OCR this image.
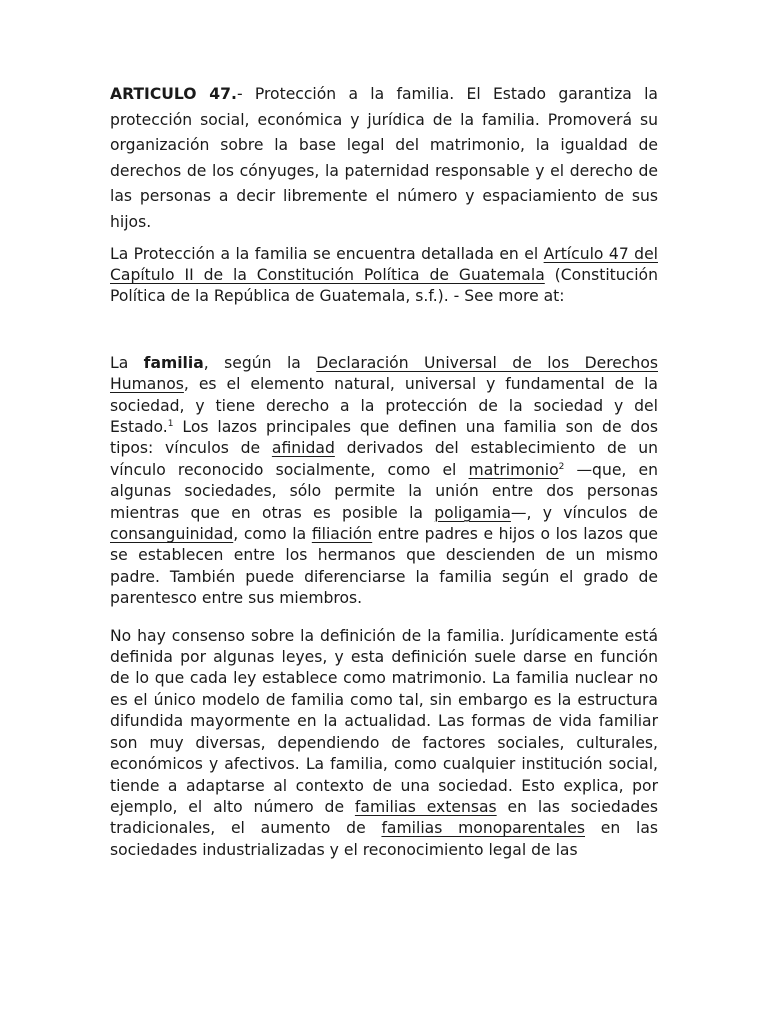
ARTICULO 47.- Protección a la familia. El Estado garantiza la protección social, económica y jurídica de la familia. Promoverá su organización sobre la base legal del matrimonio, la igualdad de derechos de los cónyuges, la paternidad responsable y el derecho de las personas a decir libremente el número y espaciamiento de sus hijos.

La Protección a la familia se encuentra detallada en el Artículo 47 del Capítulo II de la Constitución Política de Guatemala (Constitución Política de la República de Guatemala, s.f.). - See more at:

La familia, según la Declaración Universal de los Derechos Humanos, es el elemento natural, universal y fundamental de la sociedad, y tiene derecho a la protección de la sociedad y del Estado.$^1$ Los lazos principales que definen una familia son de dos tipos: vínculos de afinidad derivados del establecimiento de un vínculo reconocido socialmente, como el matrimonio$^2$ —que, en algunas sociedades, sólo permite la unión entre dos personas mientras que en otras es posible la poligamia—, y vínculos de consanguinidad, como la filiación entre padres e hijos o los lazos que se establecen entre los hermanos que descienden de un mismo padre. También puede diferenciarse la familia según el grado de parentesco entre sus miembros.

No hay consenso sobre la definición de la familia. Jurídicamente está definida por algunas leyes, y esta definición suele darse en función de lo que cada ley establece como matrimonio. La familia nuclear no es el único modelo de familia como tal, sin embargo es la estructura difundida mayormente en la actualidad. Las formas de vida familiar son muy diversas, dependiendo de factores sociales, culturales, económicos y afectivos. La familia, como cualquier institución social, tiende a adaptarse al contexto de una sociedad. Esto explica, por ejemplo, el alto número de familias extensas en las sociedades tradicionales, el aumento de familias monoparentales en las sociedades industrializadas y el reconocimiento legal de las
